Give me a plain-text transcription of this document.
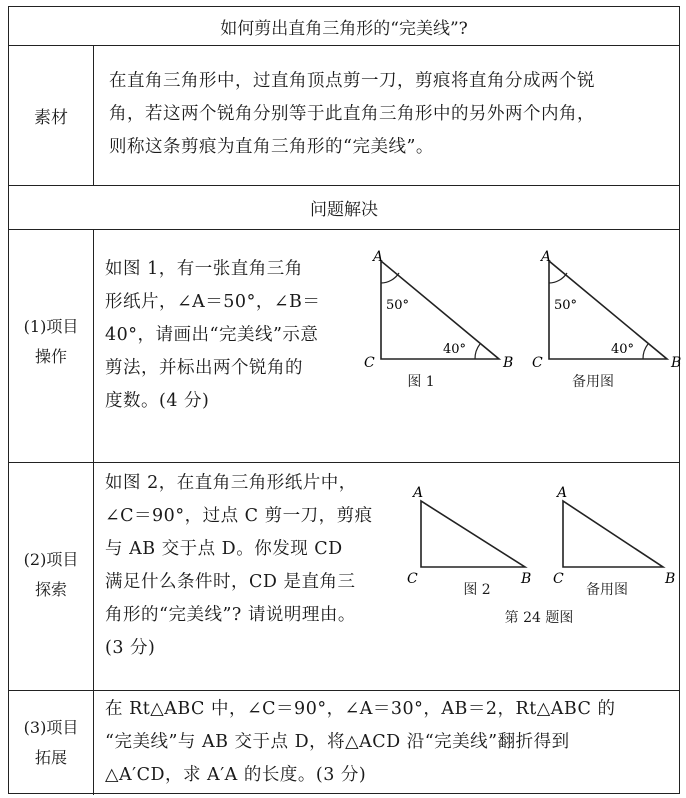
如何剪出直角三角形的“完美线”?
素材
在直角三角形中，过直角顶点剪一刀，剪痕将直角分成两个锐
角，若这两个锐角分别等于此直角三角形中的另外两个内角，
则称这条剪痕为直角三角形的“完美线”。
问题解决
(1)项目
操作
如图 1，有一张直角三角
形纸片，∠A＝50°，∠B＝
40°，请画出“完美线”示意
剪法，并标出两个锐角的
度数。(4 分)
A
B
C
50°
40°
图 1
A
B
C
50°
40°
备用图
(2)项目
探索
如图 2，在直角三角形纸片中，
∠C＝90°，过点 C 剪一刀，剪痕
与 AB 交于点 D。你发现 CD
满足什么条件时，CD 是直角三
角形的“完美线”? 请说明理由。
(3 分)
A
B
C
图 2
A
B
C
备用图
第 24 题图
(3)项目
拓展
在 Rt△ABC 中，∠C＝90°，∠A＝30°，AB＝2，Rt△ABC 的
“完美线”与 AB 交于点 D，将△ACD 沿“完美线”翻折得到
△A′CD，求 A′A 的长度。(3 分)
